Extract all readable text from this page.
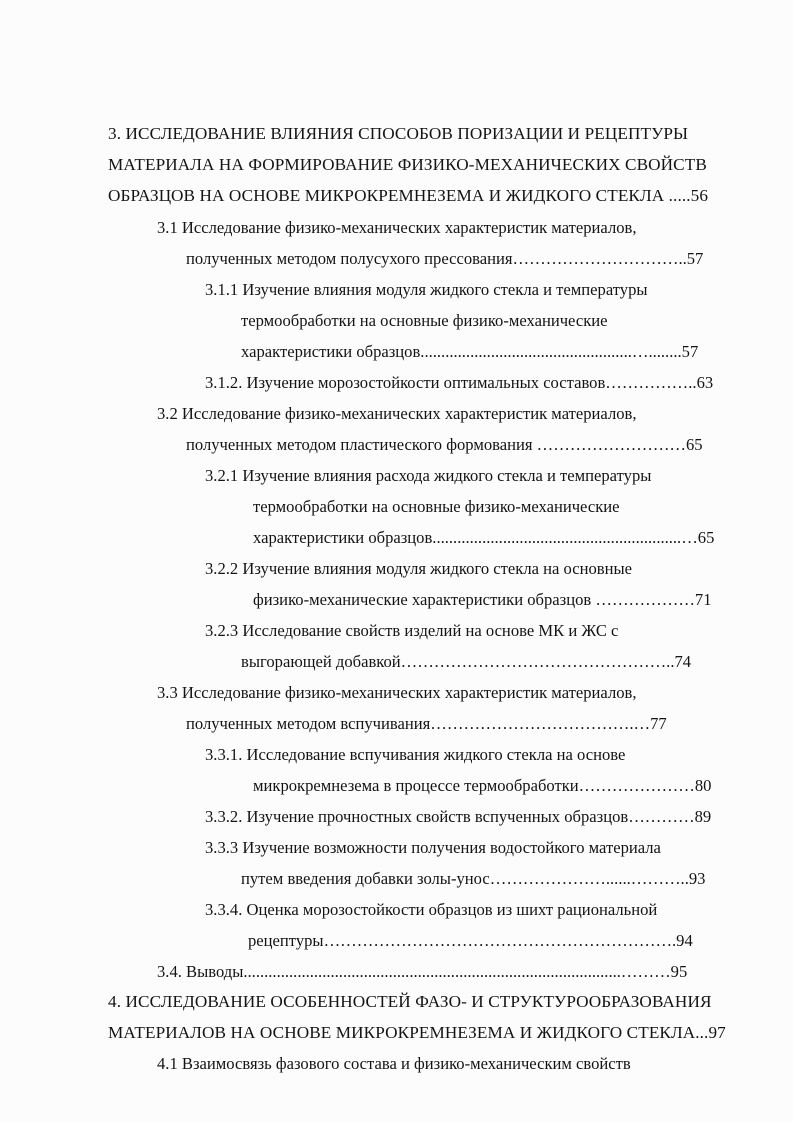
3. ИССЛЕДОВАНИЕ ВЛИЯНИЯ СПОСОБОВ ПОРИЗАЦИИ И РЕЦЕПТУРЫ
МАТЕРИАЛА НА ФОРМИРОВАНИЕ ФИЗИКО-МЕХАНИЧЕСКИХ СВОЙСТВ
ОБРАЗЦОВ НА ОСНОВЕ МИКРОКРЕМНЕЗЕМА И ЖИДКОГО СТЕКЛА .....56
3.1 Исследование физико-механических характеристик материалов,
полученных методом полусухого прессования…………………………..57
3.1.1 Изучение влияния модуля жидкого стекла и температуры
термообработки на основные физико-механические
характеристики образцов...................................................…........57
3.1.2. Изучение морозостойкости оптимальных составов……………..63
3.2 Исследование физико-механических характеристик материалов,
полученных методом пластического формования ………………………65
3.2.1 Изучение влияния расхода жидкого стекла и температуры
термообработки на основные физико-механические
характеристики образцов............................................................…65
3.2.2 Изучение влияния модуля жидкого стекла на основные
физико-механические характеристики образцов ………………71
3.2.3 Исследование свойств изделий на основе МК и ЖС с
выгорающей добавкой…………………………………………..74
3.3 Исследование физико-механических характеристик материалов,
полученных методом вспучивания……………………………….…77
3.3.1. Исследование вспучивания жидкого стекла на основе
микрокремнезема в процессе термообработки…………………80
3.3.2. Изучение прочностных свойств вспученных образцов…………89
3.3.3 Изучение возможности получения водостойкого материала
путем введения добавки золы-унос…………………......………..93
3.3.4. Оценка морозостойкости образцов из шихт рациональной
рецептуры……………………………………………………….94
3.4. Выводы...........................................................................................………95
4. ИССЛЕДОВАНИЕ ОСОБЕННОСТЕЙ ФАЗО- И СТРУКТУРООБРАЗОВАНИЯ
МАТЕРИАЛОВ НА ОСНОВЕ МИКРОКРЕМНЕЗЕМА И ЖИДКОГО СТЕКЛА...97
4.1 Взаимосвязь фазового состава и физико-механическим свойств
